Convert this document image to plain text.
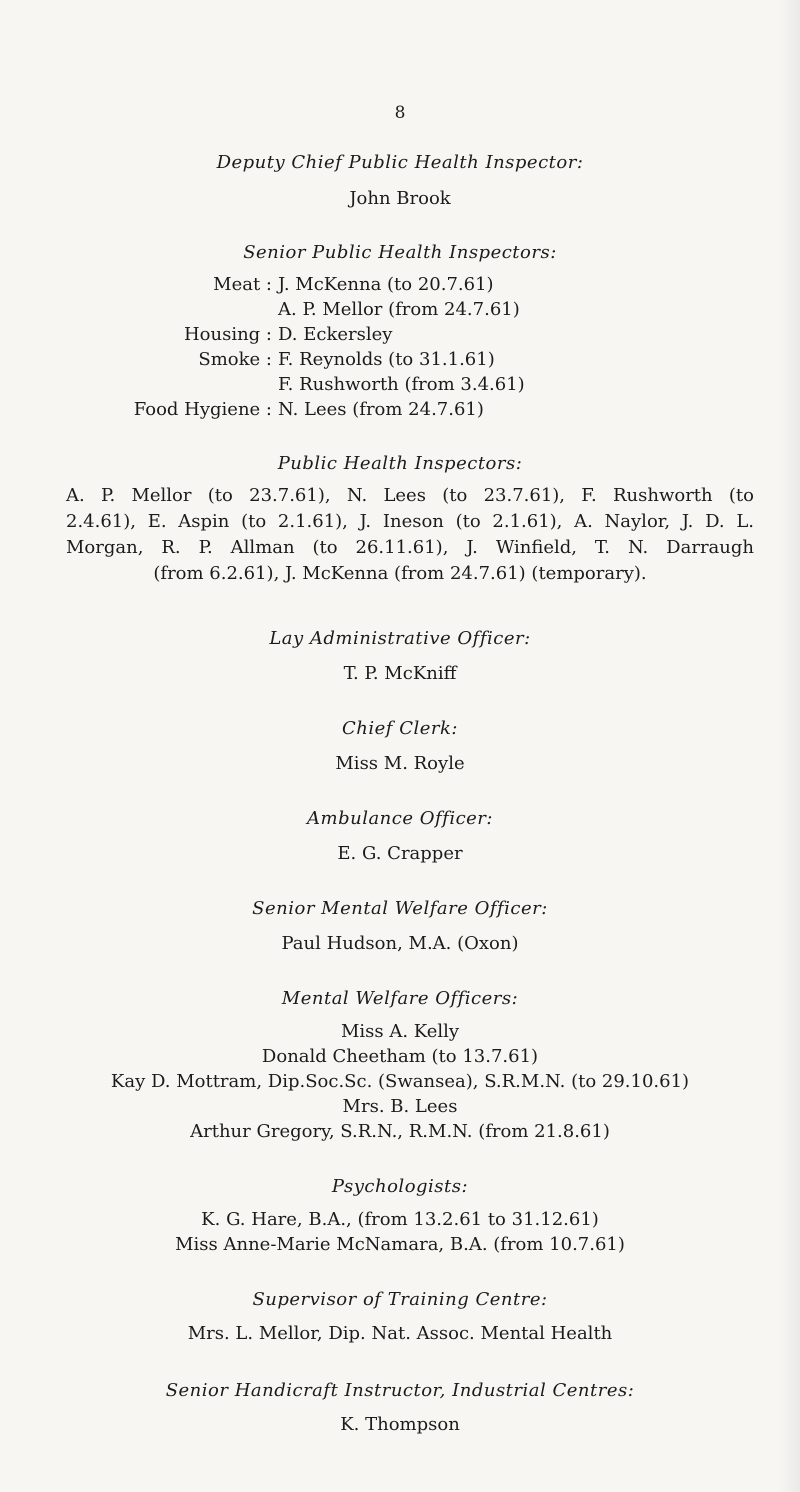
8
Deputy Chief Public Health Inspector:
John Brook
Senior Public Health Inspectors:
Meat : J. McKenna (to 20.7.61)
A. P. Mellor (from 24.7.61)
Housing : D. Eckersley
Smoke : F. Reynolds (to 31.1.61)
F. Rushworth (from 3.4.61)
Food Hygiene : N. Lees (from 24.7.61)
Public Health Inspectors:
A. P. Mellor (to 23.7.61), N. Lees (to 23.7.61), F. Rushworth (to
2.4.61), E. Aspin (to 2.1.61), J. Ineson (to 2.1.61), A. Naylor, J. D. L.
Morgan, R. P. Allman (to 26.11.61), J. Winfield, T. N. Darraugh
(from 6.2.61), J. McKenna (from 24.7.61) (temporary).
Lay Administrative Officer:
T. P. McKniff
Chief Clerk:
Miss M. Royle
Ambulance Officer:
E. G. Crapper
Senior Mental Welfare Officer:
Paul Hudson, M.A. (Oxon)
Mental Welfare Officers:
Miss A. Kelly
Donald Cheetham (to 13.7.61)
Kay D. Mottram, Dip.Soc.Sc. (Swansea), S.R.M.N. (to 29.10.61)
Mrs. B. Lees
Arthur Gregory, S.R.N., R.M.N. (from 21.8.61)
Psychologists:
K. G. Hare, B.A., (from 13.2.61 to 31.12.61)
Miss Anne-Marie McNamara, B.A. (from 10.7.61)
Supervisor of Training Centre:
Mrs. L. Mellor, Dip. Nat. Assoc. Mental Health
Senior Handicraft Instructor, Industrial Centres:
K. Thompson
